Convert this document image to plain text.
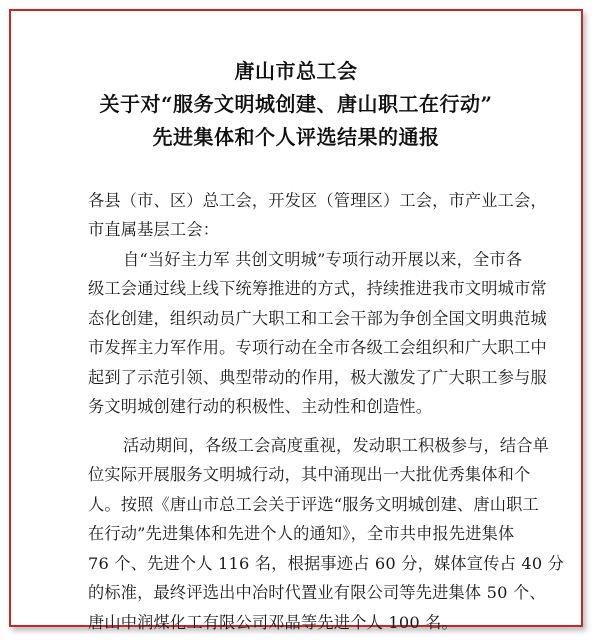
唐山市总工会
关于对“服务文明城创建、唐山职工在行动”
先进集体和个人评选结果的通报
各县（市、区）总工会，开发区（管理区）工会，市产业工会，
市直属基层工会：
自“当好主力军 共创文明城”专项行动开展以来，全市各
级工会通过线上线下统筹推进的方式，持续推进我市文明城市常
态化创建，组织动员广大职工和工会干部为争创全国文明典范城
市发挥主力军作用。专项行动在全市各级工会组织和广大职工中
起到了示范引领、典型带动的作用，极大激发了广大职工参与服
务文明城创建行动的积极性、主动性和创造性。
活动期间，各级工会高度重视，发动职工积极参与，结合单
位实际开展服务文明城行动，其中涌现出一大批优秀集体和个
人。按照《唐山市总工会关于评选“服务文明城创建、唐山职工
在行动”先进集体和先进个人的通知》，全市共申报先进集体
76 个、先进个人 116 名，根据事迹占 60 分，媒体宣传占 40 分
的标准，最终评选出中冶时代置业有限公司等先进集体 50 个、
唐山中润煤化工有限公司邓晶等先进个人 100 名。
